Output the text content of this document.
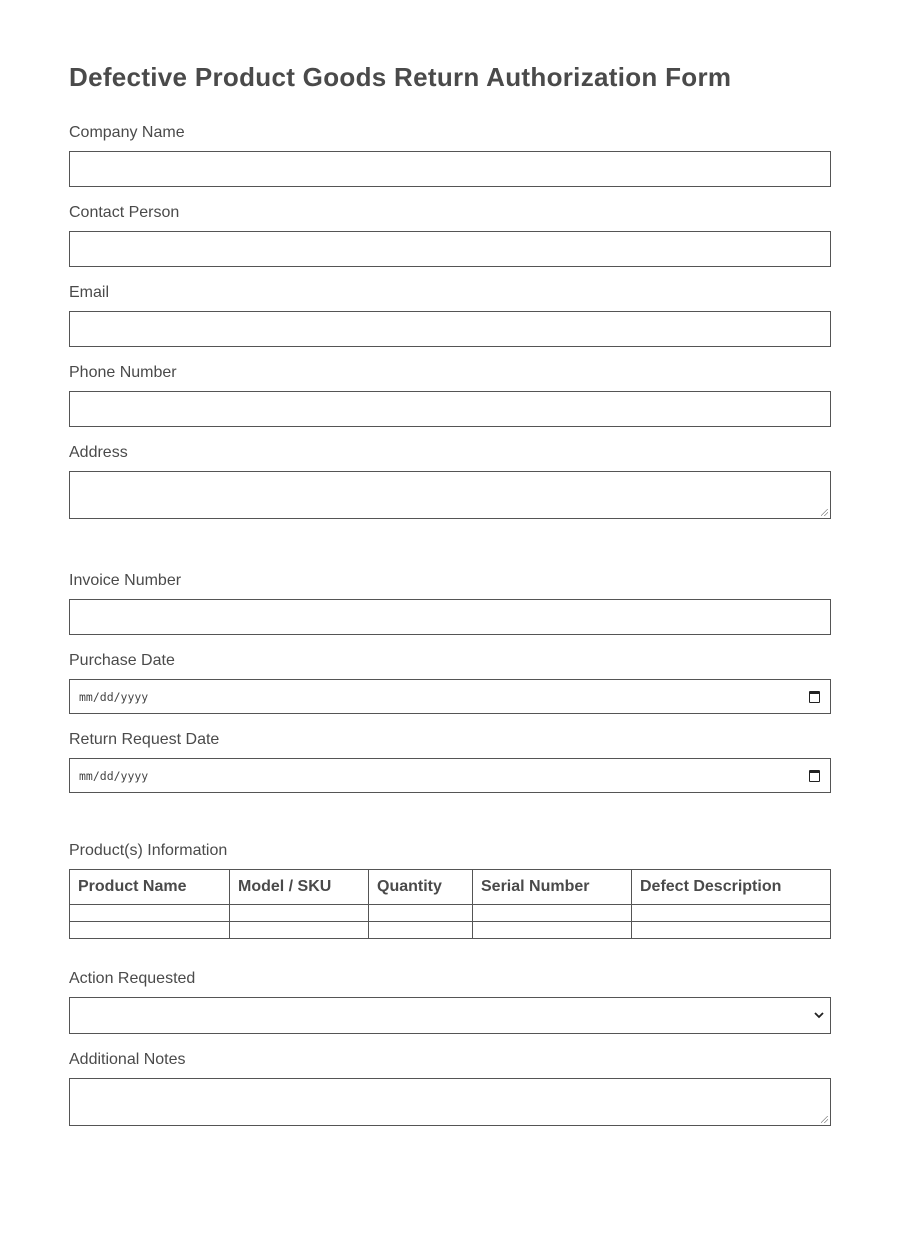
Defective Product Goods Return Authorization Form
Company Name
Contact Person
Email
Phone Number
Address
Invoice Number
Purchase Date
mm/dd/yyyy
Return Request Date
mm/dd/yyyy
Product(s) Information
Product Name	Model / SKU	Quantity	Serial Number	Defect Description

Action Requested
Additional Notes
